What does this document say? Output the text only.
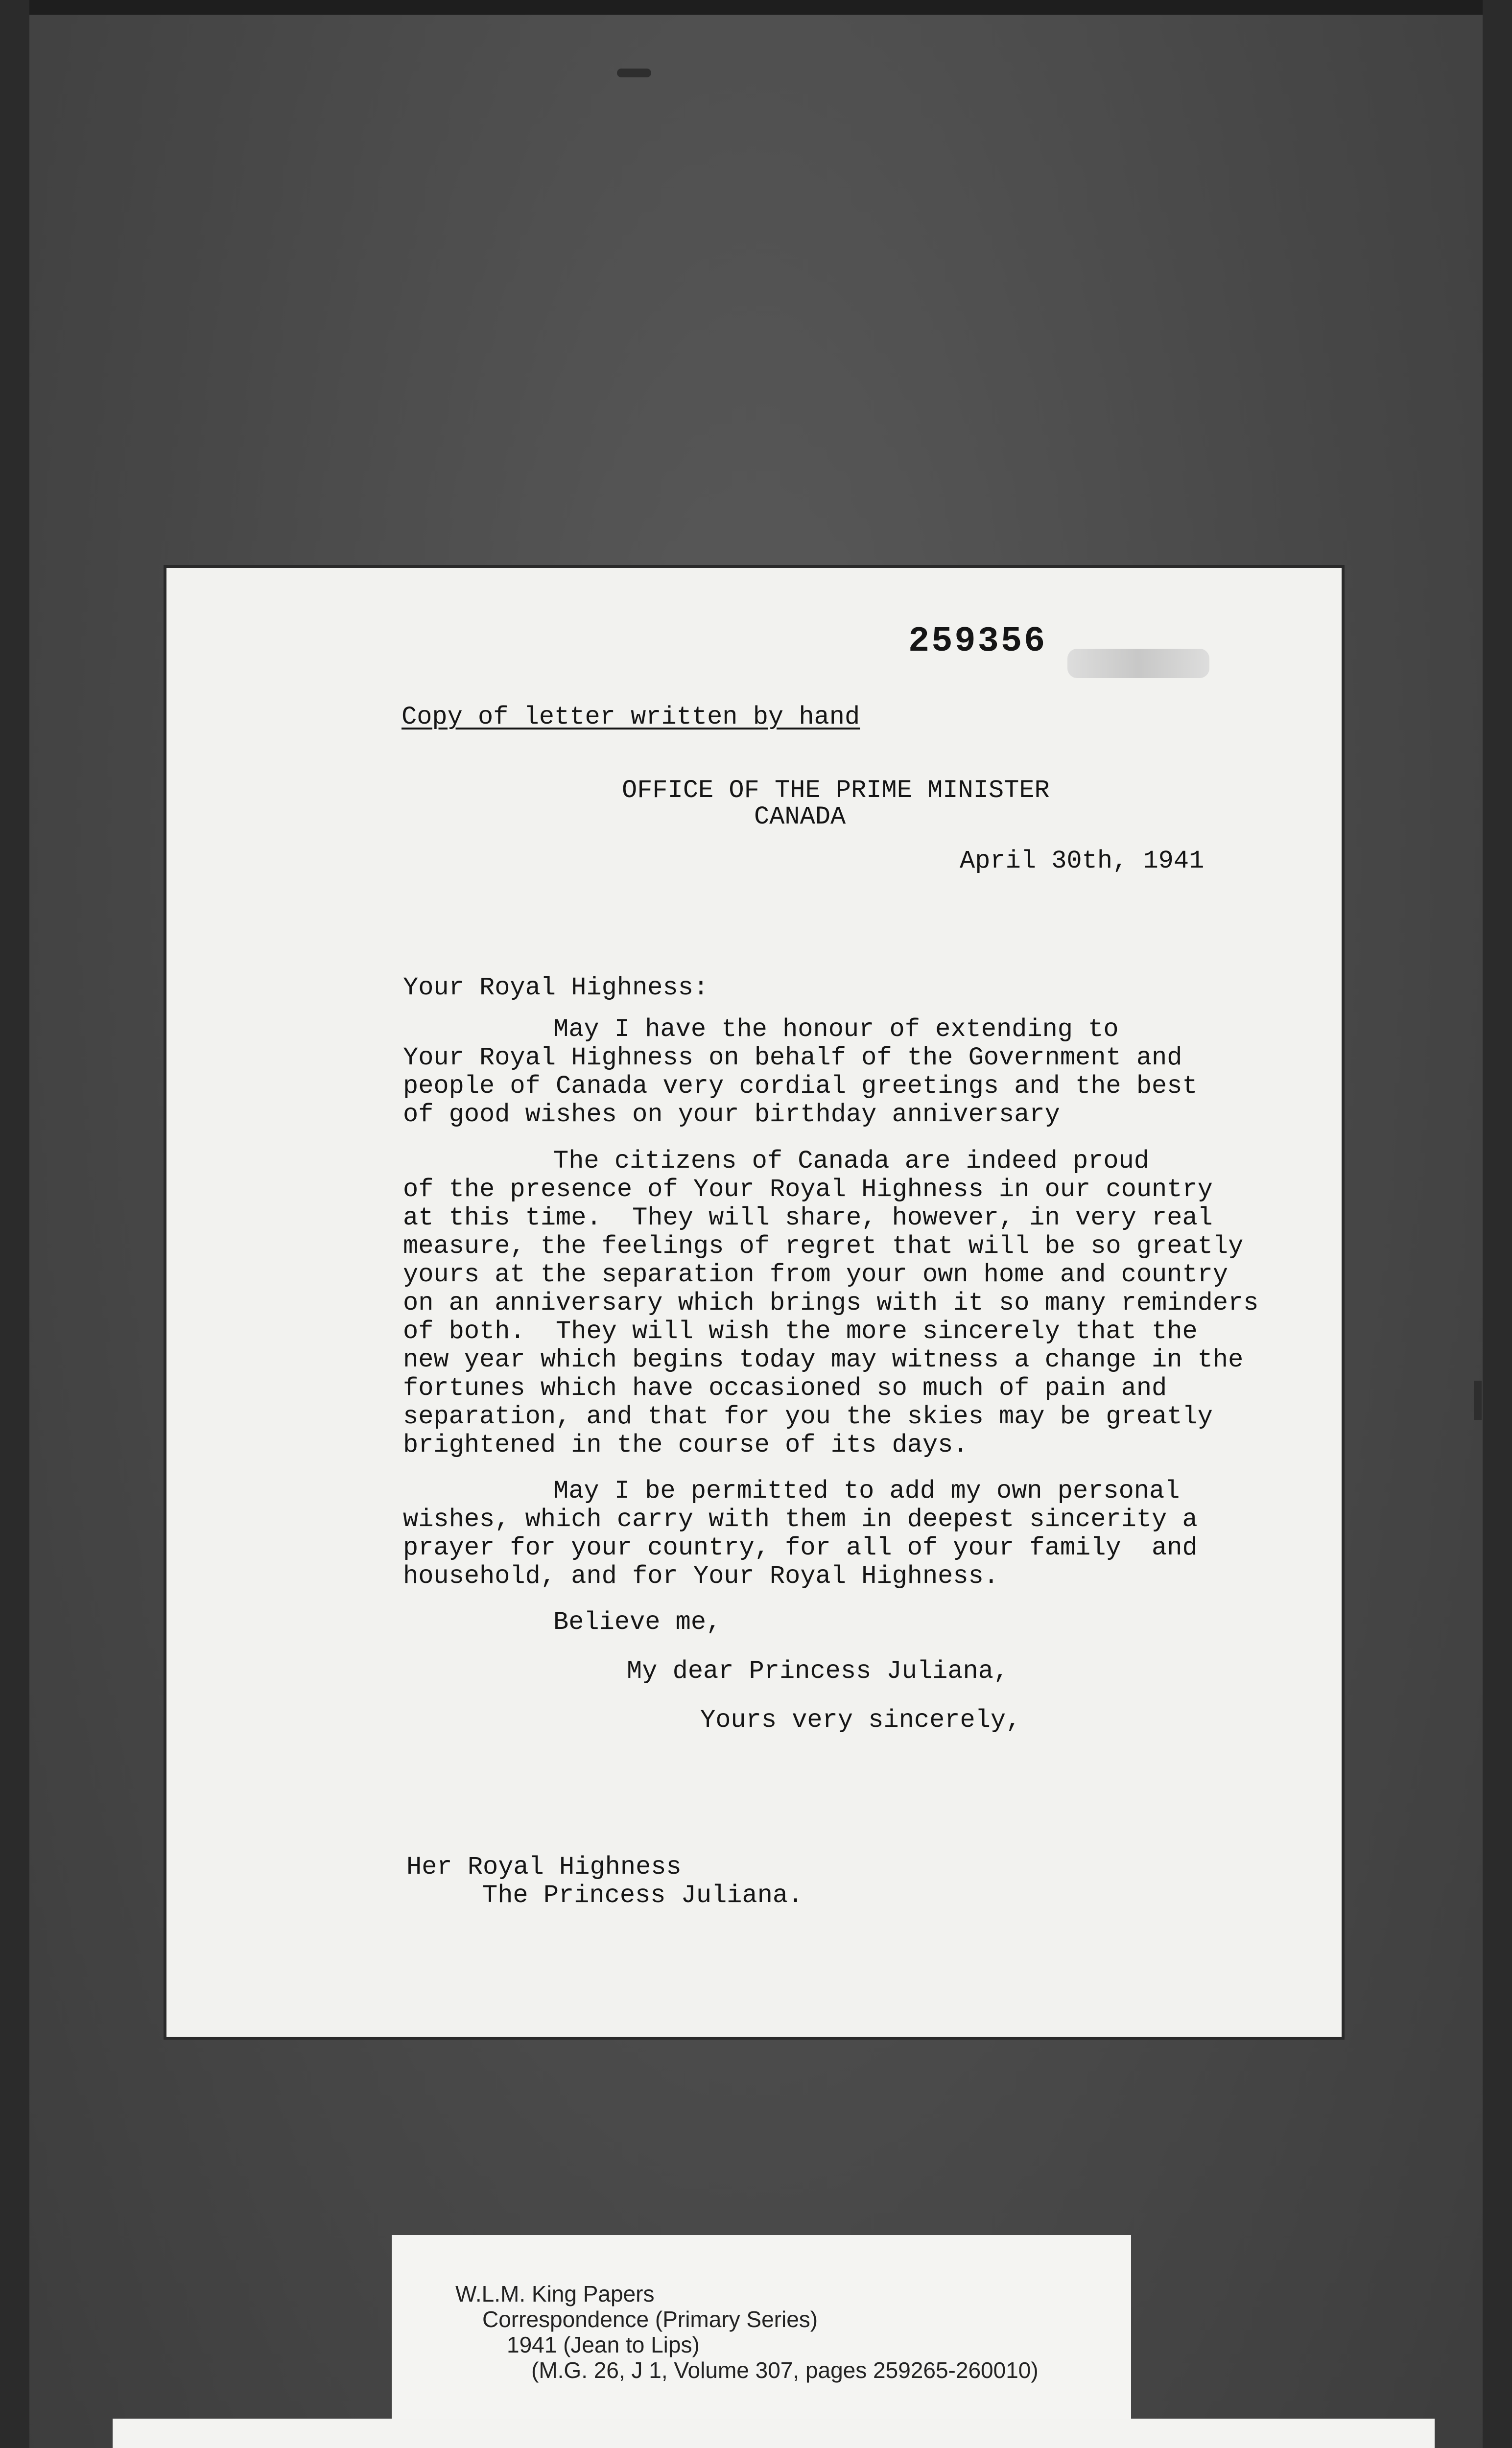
259356
Copy of letter written by hand
OFFICE OF THE PRIME MINISTER
CANADA
April 30th, 1941
Your Royal Highness:
May I have the honour of extending to
Your Royal Highness on behalf of the Government and
people of Canada very cordial greetings and the best
of good wishes on your birthday anniversary
The citizens of Canada are indeed proud
of the presence of Your Royal Highness in our country
at this time.  They will share, however, in very real
measure, the feelings of regret that will be so greatly
yours at the separation from your own home and country
on an anniversary which brings with it so many reminders
of both.  They will wish the more sincerely that the
new year which begins today may witness a change in the
fortunes which have occasioned so much of pain and
separation, and that for you the skies may be greatly
brightened in the course of its days.
May I be permitted to add my own personal
wishes, which carry with them in deepest sincerity a
prayer for your country, for all of your family  and
household, and for Your Royal Highness.
Believe me,
My dear Princess Juliana,
Yours very sincerely,
Her Royal Highness
The Princess Juliana.
W.L.M. King Papers
Correspondence (Primary Series)
1941 (Jean to Lips)
(M.G. 26, J 1, Volume 307, pages 259265-260010)
